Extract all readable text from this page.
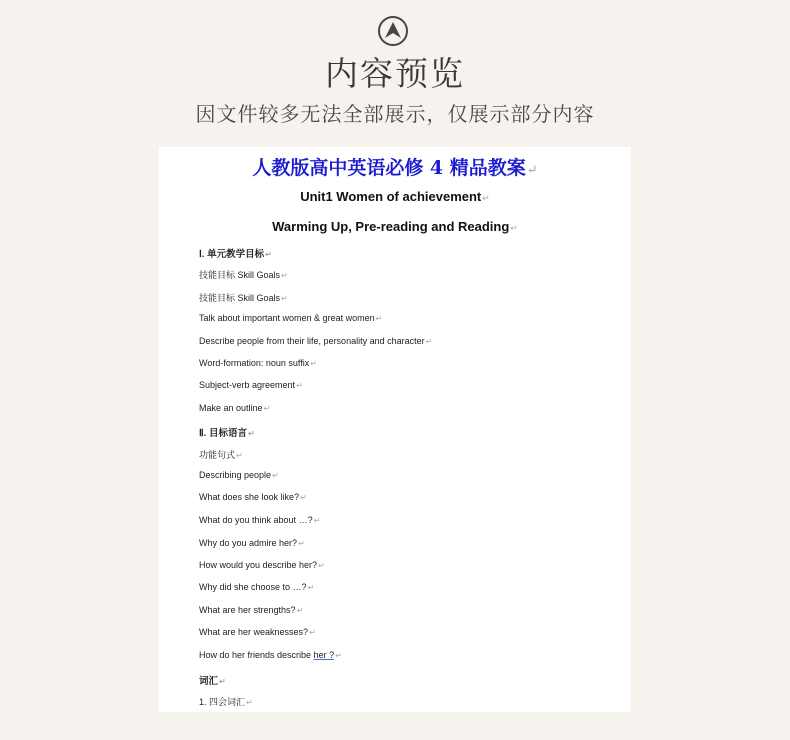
内容预览
因文件较多无法全部展示，仅展示部分内容
人教版高中英语必修 4 精品教案↵
Unit1 Women of achievement↵
Warming Up, Pre-reading and Reading↵
Ⅰ. 单元教学目标↵
技能目标 Skill Goals↵
技能目标 Skill Goals↵
Talk about important women & great women↵
Describe people from their life, personality and character↵
Word-formation: noun suffix↵
Subject-verb agreement↵
Make an outline↵
Ⅱ. 目标语言↵
功能句式↵
Describing people↵
What does she look like?↵
What do you think about …?↵
Why do you admire her?↵
How would you describe her?↵
Why did she choose to …?↵
What are her strengths?↵
What are her weaknesses?↵
How do her friends describe her ?↵
词汇↵
1. 四会词汇↵
